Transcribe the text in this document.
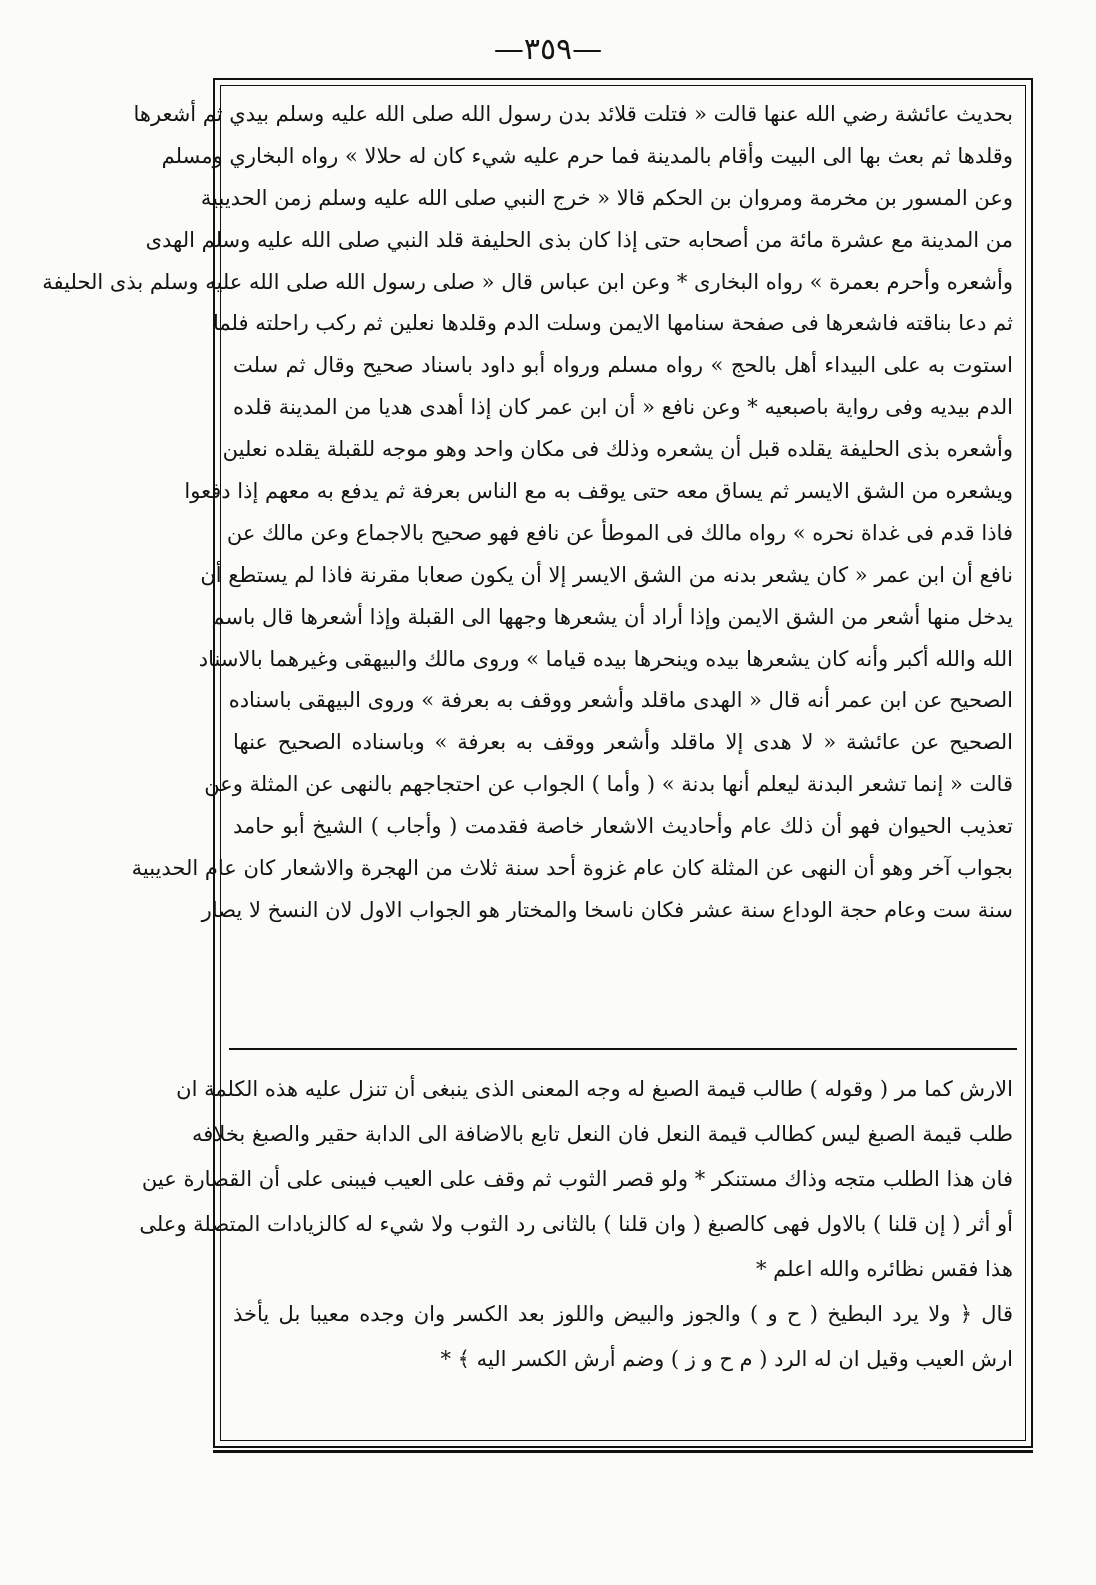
—٣٥٩—
بحديث عائشة رضي الله عنها قالت « فتلت قلائد بدن رسول الله صلى الله عليه وسلم بيدي ثم أشعرها
وقلدها ثم بعث بها الى البيت وأقام بالمدينة فما حرم عليه شيء كان له حلالا » رواه البخاري ومسلم
وعن المسور بن مخرمة ومروان بن الحكم قالا « خرج النبي صلى الله عليه وسلم زمن الحديبية
من المدينة مع عشرة مائة من أصحابه حتى إذا كان بذى الحليفة قلد النبي صلى الله عليه وسلم الهدى
وأشعره وأحرم بعمرة » رواه البخارى * وعن ابن عباس قال « صلى رسول الله صلى الله عليه وسلم بذى الحليفة
ثم دعا بناقته فاشعرها فى صفحة سنامها الايمن وسلت الدم وقلدها نعلين ثم ركب راحلته فلما
استوت به على البيداء أهل بالحج » رواه مسلم ورواه أبو داود باسناد صحيح وقال ثم سلت
الدم بيديه وفى رواية باصبعيه * وعن نافع « أن ابن عمر كان إذا أهدى هديا من المدينة قلده
وأشعره بذى الحليفة يقلده قبل أن يشعره وذلك فى مكان واحد وهو موجه للقبلة يقلده نعلين
ويشعره من الشق الايسر ثم يساق معه حتى يوقف به مع الناس بعرفة ثم يدفع به معهم إذا دفعوا
فاذا قدم فى غداة نحره » رواه مالك فى الموطأ عن نافع فهو صحيح بالاجماع وعن مالك عن
نافع أن ابن عمر « كان يشعر بدنه من الشق الايسر إلا أن يكون صعابا مقرنة فاذا لم يستطع أن
يدخل منها أشعر من الشق الايمن وإذا أراد أن يشعرها وجهها الى القبلة وإذا أشعرها قال باسم
الله والله أكبر وأنه كان يشعرها بيده وينحرها بيده قياما » وروى مالك والبيهقى وغيرهما بالاسناد
الصحيح عن ابن عمر أنه قال « الهدى ماقلد وأشعر ووقف به بعرفة » وروى البيهقى باسناده
الصحيح عن عائشة « لا هدى إلا ماقلد وأشعر ووقف به بعرفة » وباسناده الصحيح عنها
قالت « إنما تشعر البدنة ليعلم أنها بدنة » ( وأما ) الجواب عن احتجاجهم بالنهى عن المثلة وعن
تعذيب الحيوان فهو أن ذلك عام وأحاديث الاشعار خاصة فقدمت ( وأجاب ) الشيخ أبو حامد
بجواب آخر وهو أن النهى عن المثلة كان عام غزوة أحد سنة ثلاث من الهجرة والاشعار كان عام الحديبية
سنة ست وعام حجة الوداع سنة عشر فكان ناسخا والمختار هو الجواب الاول لان النسخ لا يصار
الارش كما مر ( وقوله ) طالب قيمة الصبغ له وجه المعنى الذى ينبغى أن تنزل عليه هذه الكلمة ان
طلب قيمة الصبغ ليس كطالب قيمة النعل فان النعل تابع بالاضافة الى الدابة حقير والصبغ بخلافه
فان هذا الطلب متجه وذاك مستنكر * ولو قصر الثوب ثم وقف على العيب فيبنى على أن القصارة عين
أو أثر ( إن قلنا ) بالاول فهى كالصبغ ( وان قلنا ) بالثانى رد الثوب ولا شيء له كالزيادات المتصلة وعلى
هذا فقس نظائره والله اعلم *
قال ﴿ ولا يرد البطيخ ( ح و ) والجوز والبيض واللوز بعد الكسر وان وجده معيبا بل يأخذ
ارش العيب وقيل ان له الرد ( م ح و ز ) وضم أرش الكسر اليه ﴾ *
